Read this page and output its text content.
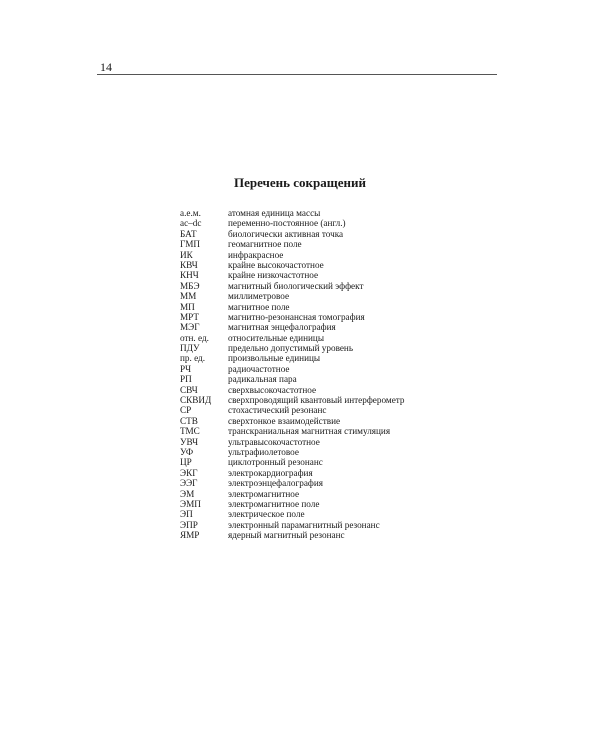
14
Перечень сокращений
а.е.м.	атомная единица массы
ac–dc	переменно-постоянное (англ.)
БАТ	биологически активная точка
ГМП	геомагнитное поле
ИК	инфракрасное
КВЧ	крайне высокочастотное
КНЧ	крайне низкочастотное
МБЭ	магнитный биологический эффект
ММ	миллиметровое
МП	магнитное поле
МРТ	магнитно-резонансная томография
МЭГ	магнитная энцефалография
отн. ед.	относительные единицы
ПДУ	предельно допустимый уровень
пр. ед.	произвольные единицы
РЧ	радиочастотное
РП	радикальная пара
СВЧ	сверхвысокочастотное
СКВИД	сверхпроводящий квантовый интерферометр
СР	стохастический резонанс
СТВ	сверхтонкое взаимодействие
ТМС	транскраниальная магнитная стимуляция
УВЧ	ультравысокочастотное
УФ	ультрафиолетовое
ЦР	циклотронный резонанс
ЭКГ	электрокардиография
ЭЭГ	электроэнцефалография
ЭМ	электромагнитное
ЭМП	электромагнитное поле
ЭП	электрическое поле
ЭПР	электронный парамагнитный резонанс
ЯМР	ядерный магнитный резонанс
